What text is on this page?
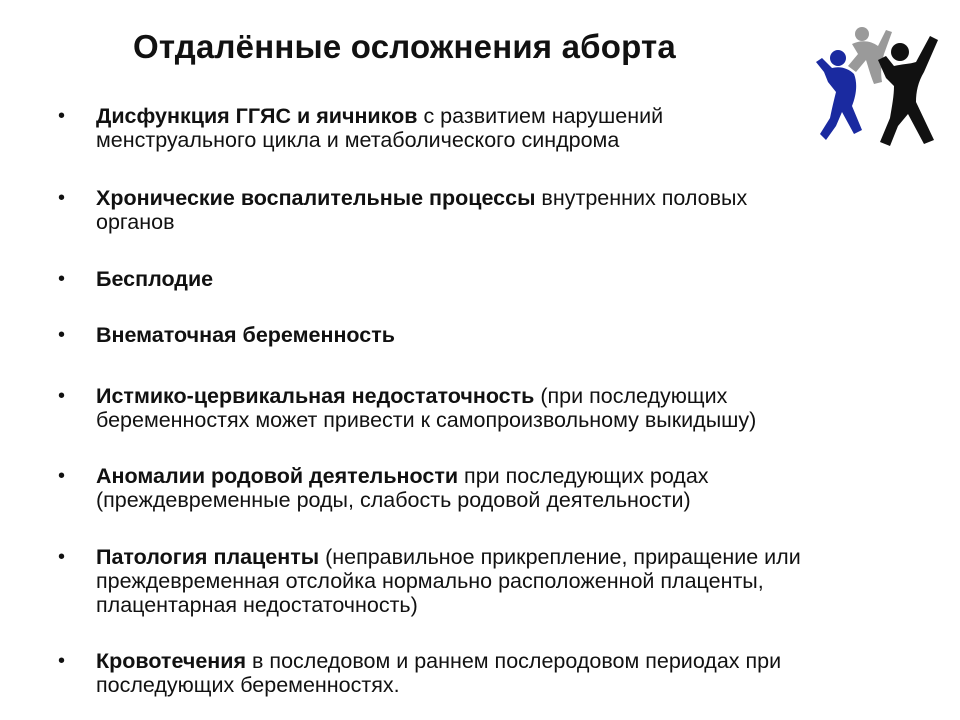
Отдалённые осложнения аборта
•	Дисфункция ГГЯС и яичников с развитием нарушений
менструального цикла и метаболического синдрома
•	Хронические воспалительные процессы внутренних половых
органов
•	Бесплодие
•	Внематочная беременность
•	Истмико-цервикальная недостаточность (при последующих
беременностях может привести к самопроизвольному выкидышу)
•	Аномалии родовой деятельности при последующих родах
(преждевременные роды, слабость родовой деятельности)
•	Патология плаценты (неправильное прикрепление, приращение или
преждевременная отслойка нормально расположенной плаценты,
плацентарная недостаточность)
•	Кровотечения в последовом и раннем послеродовом периодах при
последующих беременностях.
